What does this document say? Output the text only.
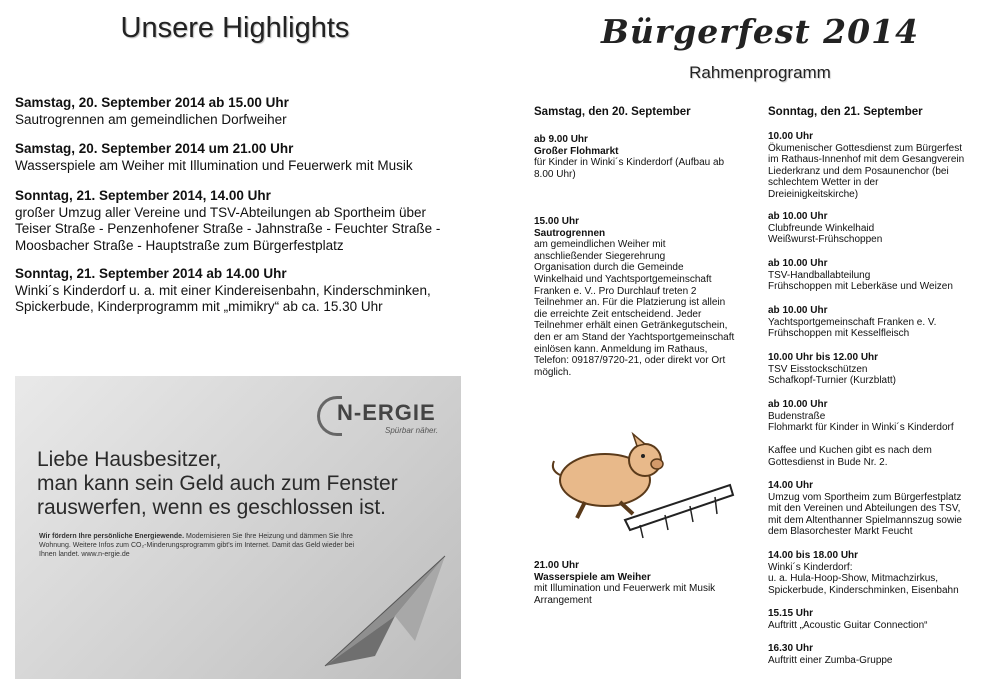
Unsere Highlights
Samstag, 20. September 2014 ab 15.00 Uhr
Sautrogrennen am gemeindlichen Dorfweiher
Samstag, 20. September 2014 um 21.00 Uhr
Wasserspiele am Weiher mit Illumination und Feuerwerk mit Musik
Sonntag, 21. September 2014, 14.00 Uhr
großer Umzug aller Vereine und TSV-Abteilungen ab Sportheim über Teiser Straße - Penzenhofener Straße - Jahnstraße - Feuchter Straße - Moosbacher Straße - Hauptstraße zum Bürgerfestplatz
Sonntag, 21. September 2014 ab 14.00 Uhr
Winki´s Kinderdorf u. a. mit einer Kindereisenbahn, Kinderschminken, Spickerbude, Kinderprogramm mit „mimikry“ ab ca. 15.30 Uhr
N-ERGIE
Spürbar näher.
Liebe Hausbesitzer,
man kann sein Geld auch zum Fenster
rauswerfen, wenn es geschlossen ist.
Wir fördern Ihre persönliche Energiewende. Modernisieren Sie Ihre Heizung und dämmen Sie Ihre Wohnung. Weitere Infos zum CO₂-Minderungsprogramm gibt's im Internet. Damit das Geld wieder bei Ihnen landet. www.n-ergie.de
Bürgerfest 2014
Rahmenprogramm
Samstag, den 20. September
ab 9.00 Uhr
Großer Flohmarkt
für Kinder in Winki´s Kinderdorf (Aufbau ab
8.00 Uhr)
15.00 Uhr
Sautrogrennen
am gemeindlichen Weiher mit
anschließender Siegerehrung
Organisation durch die Gemeinde
Winkelhaid und Yachtsportgemeinschaft
Franken e. V.. Pro Durchlauf treten 2
Teilnehmer an. Für die Platzierung ist allein
die erreichte Zeit entscheidend. Jeder
Teilnehmer erhält einen Getränkegutschein,
den er am Stand der Yachtsportgemeinschaft
einlösen kann. Anmeldung im Rathaus,
Telefon: 09187/9720-21, oder direkt vor Ort
möglich.
21.00 Uhr
Wasserspiele am Weiher
mit Illumination und Feuerwerk mit Musik
Arrangement
Sonntag, den 21. September
10.00 Uhr
Ökumenischer Gottesdienst zum Bürgerfest
im Rathaus-Innenhof mit dem Gesangverein
Liederkranz und dem Posaunenchor (bei
schlechtem Wetter in der
Dreieinigkeitskirche)
ab 10.00 Uhr
Clubfreunde Winkelhaid
Weißwurst-Frühschoppen
ab 10.00 Uhr
TSV-Handballabteilung
Frühschoppen mit Leberkäse und Weizen
ab 10.00 Uhr
Yachtsportgemeinschaft Franken e. V.
Frühschoppen mit Kesselfleisch
10.00 Uhr bis 12.00 Uhr
TSV Eisstockschützen
Schafkopf-Turnier (Kurzblatt)
ab 10.00 Uhr
Budenstraße
Flohmarkt für Kinder in Winki´s Kinderdorf
Kaffee und Kuchen gibt es nach dem
Gottesdienst in Bude Nr. 2.
14.00 Uhr
Umzug vom Sportheim zum Bürgerfestplatz
mit den Vereinen und Abteilungen des TSV,
mit dem Altenthanner Spielmannszug sowie
dem Blasorchester Markt Feucht
14.00 bis 18.00 Uhr
Winki´s Kinderdorf:
u. a. Hula-Hoop-Show, Mitmachzirkus,
Spickerbude, Kinderschminken, Eisenbahn
15.15 Uhr
Auftritt „Acoustic Guitar Connection“
16.30 Uhr
Auftritt einer Zumba-Gruppe
